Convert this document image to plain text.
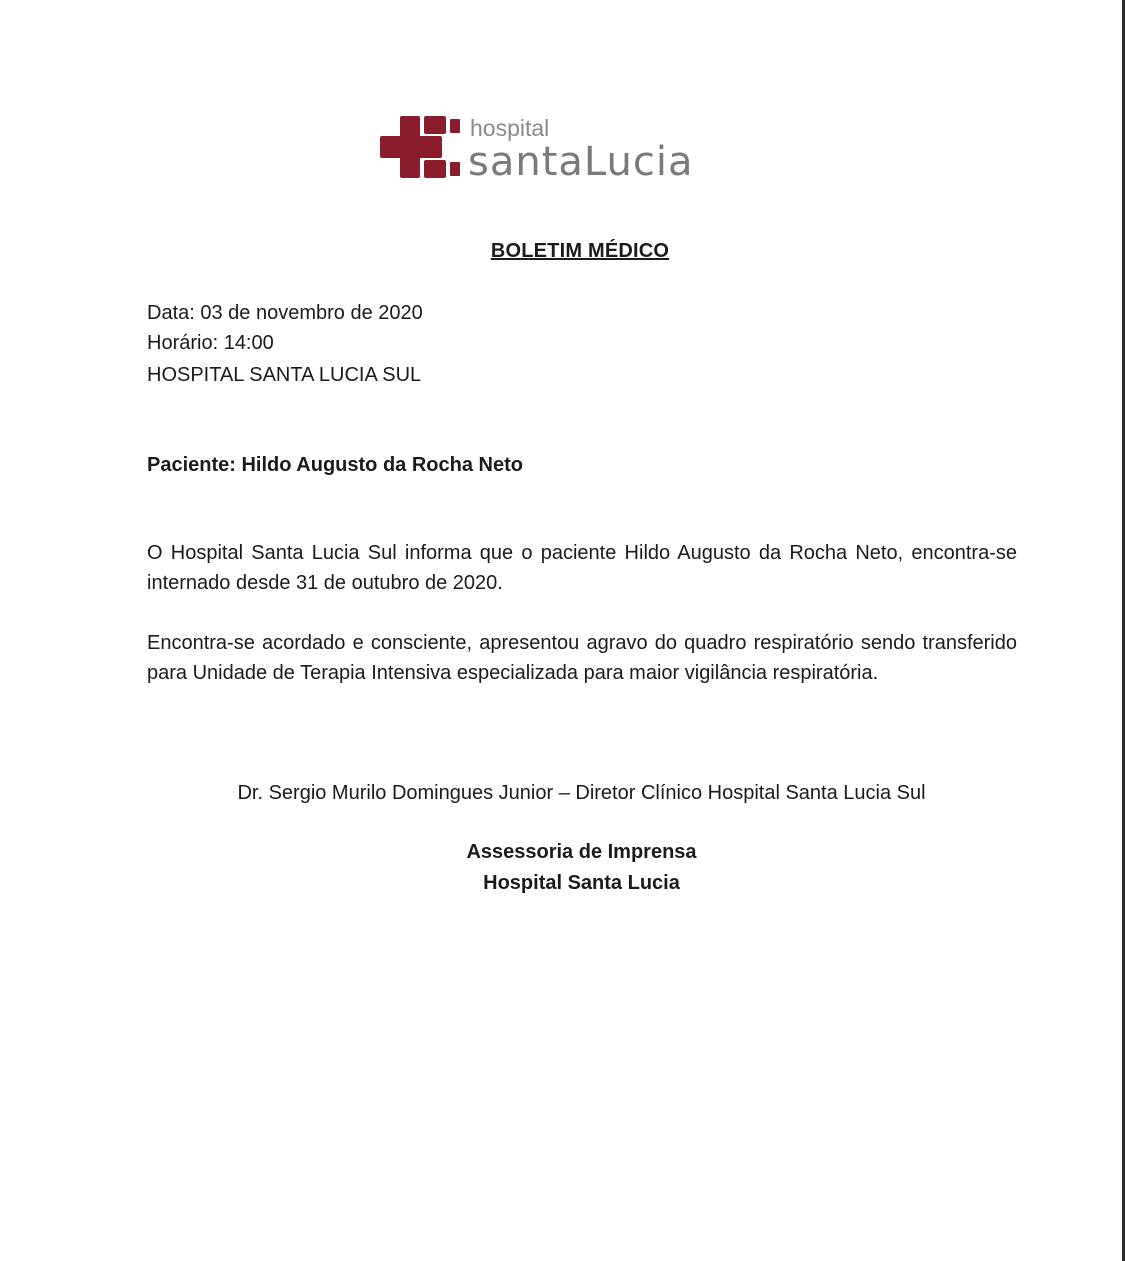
hospital
santaLucia
BOLETIM MÉDICO
Data: 03 de novembro de 2020
Horário: 14:00
HOSPITAL SANTA LUCIA SUL
Paciente: Hildo Augusto da Rocha Neto
O Hospital Santa Lucia Sul informa que o paciente Hildo Augusto da Rocha Neto, encontra-se internado desde 31 de outubro de 2020.
Encontra-se acordado e consciente, apresentou agravo do quadro respiratório sendo transferido para Unidade de Terapia Intensiva especializada para maior vigilância respiratória.
Dr. Sergio Murilo Domingues Junior – Diretor Clínico Hospital Santa Lucia Sul
Assessoria de Imprensa
Hospital Santa Lucia
